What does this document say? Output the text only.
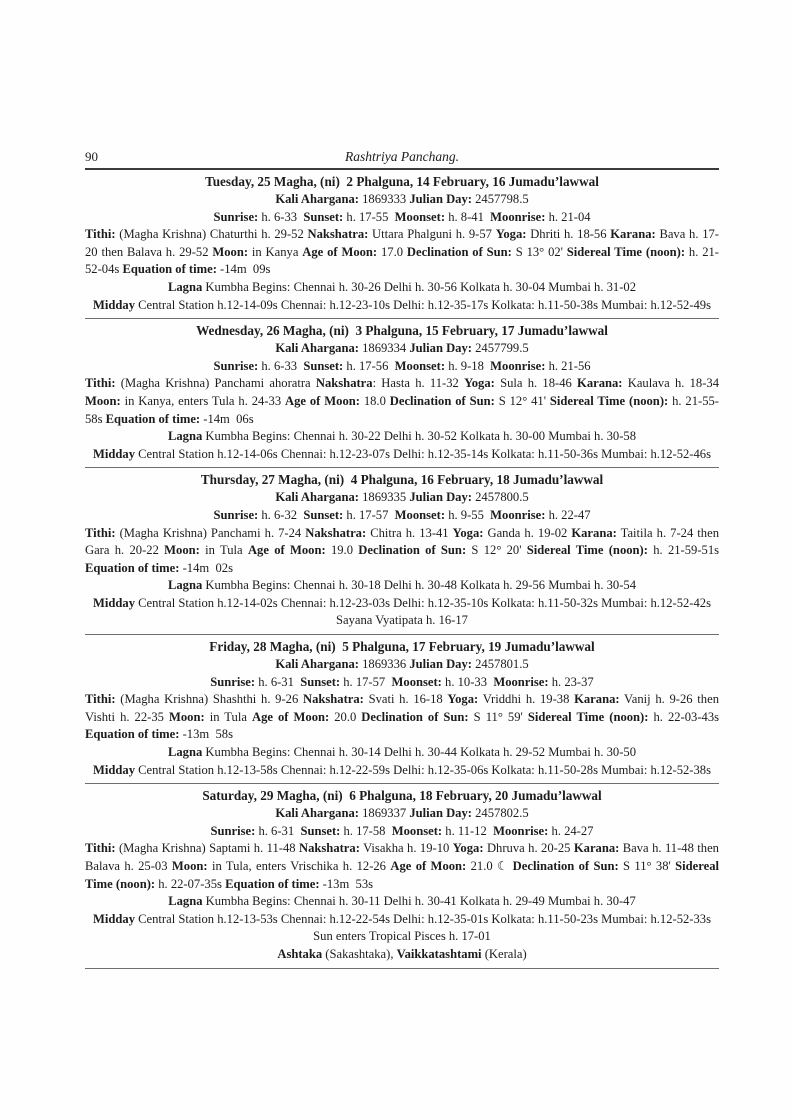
90	Rashtriya Panchang.
Tuesday, 25 Magha, (ni)  2 Phalguna, 14 February, 16 Jumadu’lawwal
Kali Ahargana: 1869333 Julian Day: 2457798.5
Sunrise: h. 6-33  Sunset: h. 17-55  Moonset: h. 8-41  Moonrise: h. 21-04
Tithi: (Magha Krishna) Chaturthi h. 29-52 Nakshatra: Uttara Phalguni h. 9-57 Yoga: Dhriti h. 18-56 Karana: Bava h. 17-20 then Balava h. 29-52 Moon: in Kanya Age of Moon: 17.0 Declination of Sun: S 13° 02' Sidereal Time (noon): h. 21-52-04s Equation of time: -14m  09s
Lagna Kumbha Begins: Chennai h. 30-26 Delhi h. 30-56 Kolkata h. 30-04 Mumbai h. 31-02
Midday Central Station h.12-14-09s Chennai: h.12-23-10s Delhi: h.12-35-17s Kolkata: h.11-50-38s Mumbai: h.12-52-49s
Wednesday, 26 Magha, (ni)  3 Phalguna, 15 February, 17 Jumadu’lawwal
Kali Ahargana: 1869334 Julian Day: 2457799.5
Sunrise: h. 6-33  Sunset: h. 17-56  Moonset: h. 9-18  Moonrise: h. 21-56
Tithi: (Magha Krishna) Panchami ahoratra Nakshatra: Hasta h. 11-32 Yoga: Sula h. 18-46 Karana: Kaulava h. 18-34 Moon: in Kanya, enters Tula h. 24-33 Age of Moon: 18.0 Declination of Sun: S 12° 41' Sidereal Time (noon): h. 21-55-58s Equation of time: -14m  06s
Lagna Kumbha Begins: Chennai h. 30-22 Delhi h. 30-52 Kolkata h. 30-00 Mumbai h. 30-58
Midday Central Station h.12-14-06s Chennai: h.12-23-07s Delhi: h.12-35-14s Kolkata: h.11-50-36s Mumbai: h.12-52-46s
Thursday, 27 Magha, (ni)  4 Phalguna, 16 February, 18 Jumadu’lawwal
Kali Ahargana: 1869335 Julian Day: 2457800.5
Sunrise: h. 6-32  Sunset: h. 17-57  Moonset: h. 9-55  Moonrise: h. 22-47
Tithi: (Magha Krishna) Panchami h. 7-24 Nakshatra: Chitra h. 13-41 Yoga: Ganda h. 19-02 Karana: Taitila h. 7-24 then Gara h. 20-22 Moon: in Tula Age of Moon: 19.0 Declination of Sun: S 12° 20' Sidereal Time (noon): h. 21-59-51s Equation of time: -14m  02s
Lagna Kumbha Begins: Chennai h. 30-18 Delhi h. 30-48 Kolkata h. 29-56 Mumbai h. 30-54
Midday Central Station h.12-14-02s Chennai: h.12-23-03s Delhi: h.12-35-10s Kolkata: h.11-50-32s Mumbai: h.12-52-42s
Sayana Vyatipata h. 16-17
Friday, 28 Magha, (ni)  5 Phalguna, 17 February, 19 Jumadu’lawwal
Kali Ahargana: 1869336 Julian Day: 2457801.5
Sunrise: h. 6-31  Sunset: h. 17-57  Moonset: h. 10-33  Moonrise: h. 23-37
Tithi: (Magha Krishna) Shashthi h. 9-26 Nakshatra: Svati h. 16-18 Yoga: Vriddhi h. 19-38 Karana: Vanij h. 9-26 then Vishti h. 22-35 Moon: in Tula Age of Moon: 20.0 Declination of Sun: S 11° 59' Sidereal Time (noon): h. 22-03-43s Equation of time: -13m  58s
Lagna Kumbha Begins: Chennai h. 30-14 Delhi h. 30-44 Kolkata h. 29-52 Mumbai h. 30-50
Midday Central Station h.12-13-58s Chennai: h.12-22-59s Delhi: h.12-35-06s Kolkata: h.11-50-28s Mumbai: h.12-52-38s
Saturday, 29 Magha, (ni)  6 Phalguna, 18 February, 20 Jumadu’lawwal
Kali Ahargana: 1869337 Julian Day: 2457802.5
Sunrise: h. 6-31  Sunset: h. 17-58  Moonset: h. 11-12  Moonrise: h. 24-27
Tithi: (Magha Krishna) Saptami h. 11-48 Nakshatra: Visakha h. 19-10 Yoga: Dhruva h. 20-25 Karana: Bava h. 11-48 then Balava h. 25-03 Moon: in Tula, enters Vrischika h. 12-26 Age of Moon: 21.0 ☾ Declination of Sun: S 11° 38' Sidereal Time (noon): h. 22-07-35s Equation of time: -13m  53s
Lagna Kumbha Begins: Chennai h. 30-11 Delhi h. 30-41 Kolkata h. 29-49 Mumbai h. 30-47
Midday Central Station h.12-13-53s Chennai: h.12-22-54s Delhi: h.12-35-01s Kolkata: h.11-50-23s Mumbai: h.12-52-33s
Sun enters Tropical Pisces h. 17-01
Ashtaka (Sakashtaka), Vaikkatashtami (Kerala)
